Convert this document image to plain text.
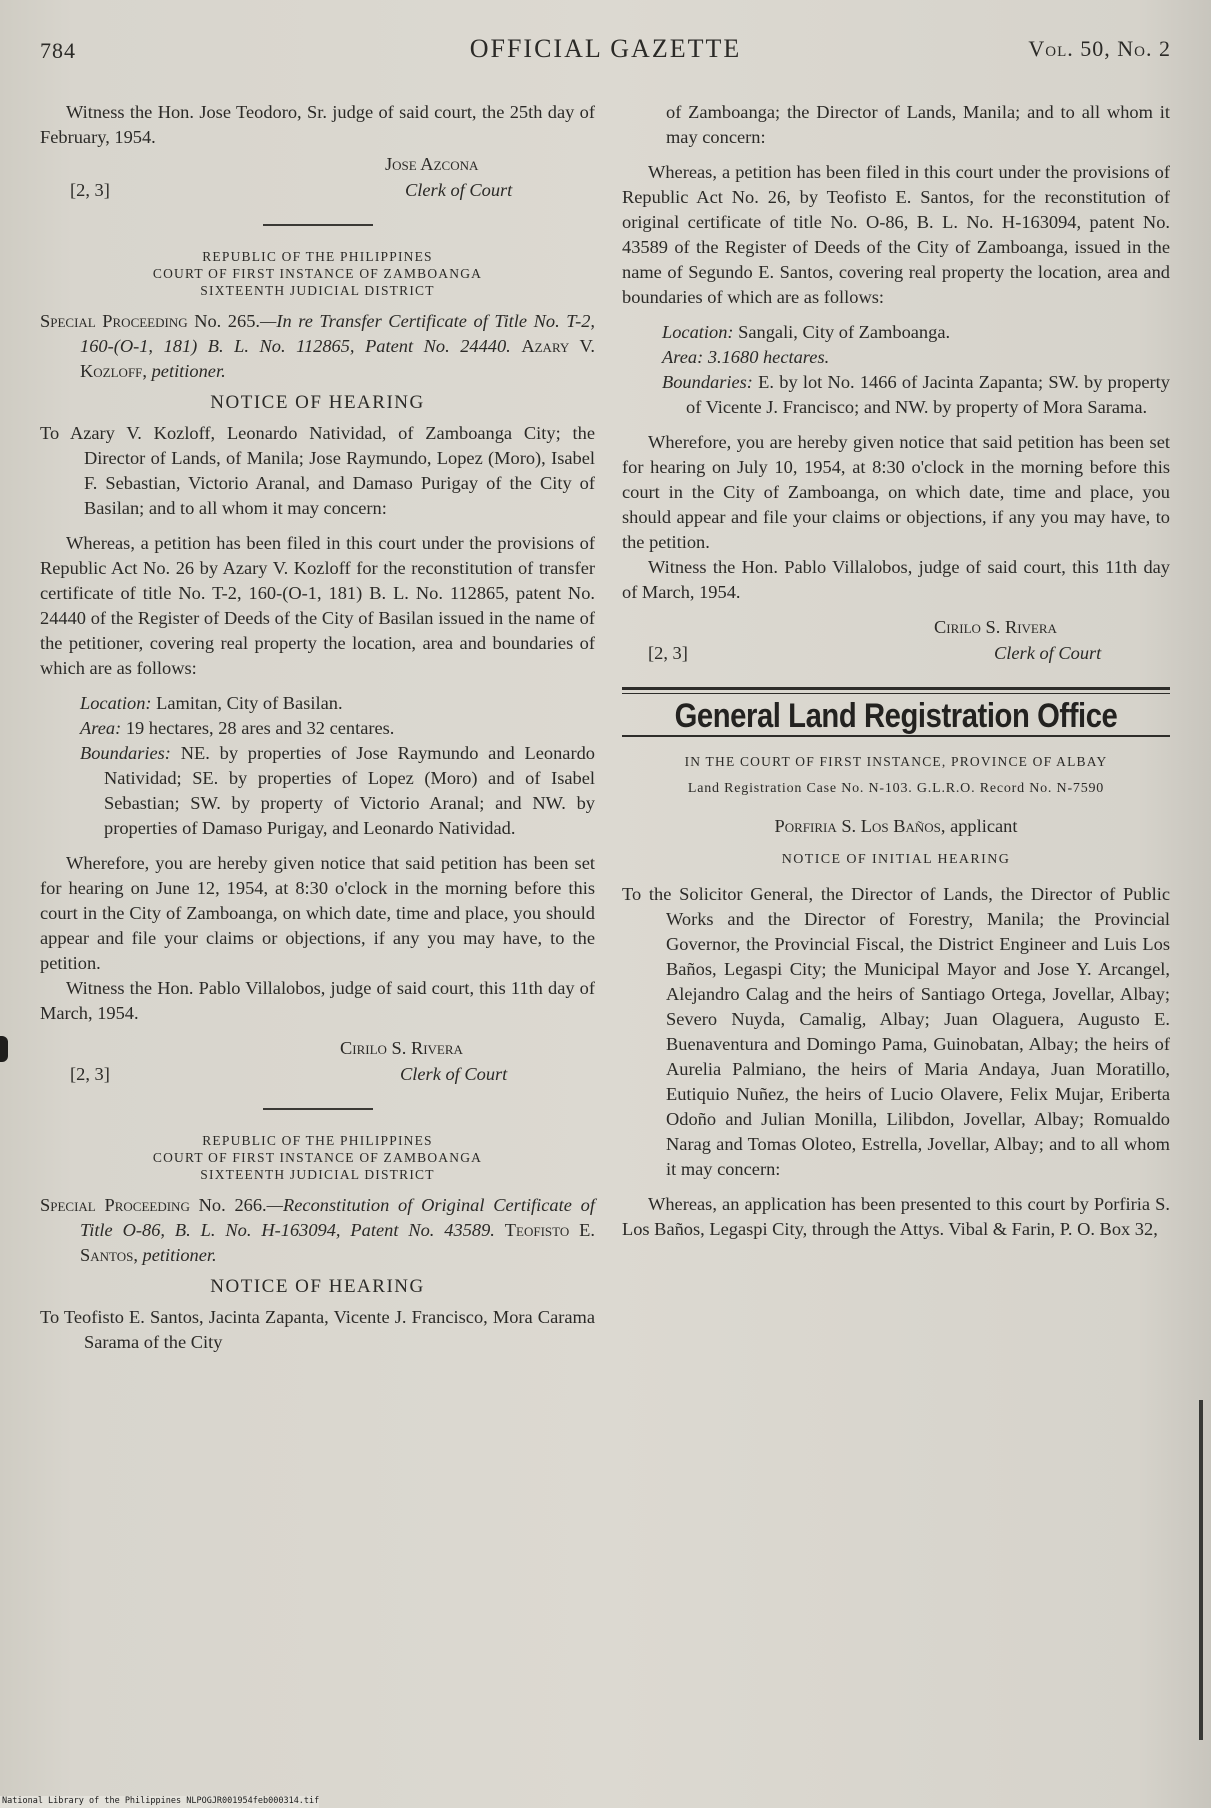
784	OFFICIAL GAZETTE	Vol. 50, No. 2

Witness the Hon. Jose Teodoro, Sr. judge of said court, the 25th day of February, 1954.

Jose Azcona
[2, 3]	Clerk of Court
REPUBLIC OF THE PHILIPPINES
COURT OF FIRST INSTANCE OF ZAMBOANGA
SIXTEENTH JUDICIAL DISTRICT

Special Proceeding No. 265.—In re Transfer Certificate of Title No. T-2, 160-(O-1, 181) B. L. No. 112865, Patent No. 24440. Azary V. Kozloff, petitioner.

NOTICE OF HEARING

To Azary V. Kozloff, Leonardo Natividad, of Zamboanga City; the Director of Lands, of Manila; Jose Raymundo, Lopez (Moro), Isabel F. Sebastian, Victorio Aranal, and Damaso Purigay of the City of Basilan; and to all whom it may concern:

Whereas, a petition has been filed in this court under the provisions of Republic Act No. 26 by Azary V. Kozloff for the reconstitution of transfer certificate of title No. T-2, 160-(O-1, 181) B. L. No. 112865, patent No. 24440 of the Register of Deeds of the City of Basilan issued in the name of the petitioner, covering real property the location, area and boundaries of which are as follows:

Location: Lamitan, City of Basilan.

Area: 19 hectares, 28 ares and 32 centares.

Boundaries: NE. by properties of Jose Raymundo and Leonardo Natividad; SE. by properties of Lopez (Moro) and of Isabel Sebastian; SW. by property of Victorio Aranal; and NW. by properties of Damaso Purigay, and Leonardo Natividad.

Wherefore, you are hereby given notice that said petition has been set for hearing on June 12, 1954, at 8:30 o'clock in the morning before this court in the City of Zamboanga, on which date, time and place, you should appear and file your claims or objections, if any you may have, to the petition.

Witness the Hon. Pablo Villalobos, judge of said court, this 11th day of March, 1954.

Cirilo S. Rivera
[2, 3]	Clerk of Court
REPUBLIC OF THE PHILIPPINES
COURT OF FIRST INSTANCE OF ZAMBOANGA
SIXTEENTH JUDICIAL DISTRICT

Special Proceeding No. 266.—Reconstitution of Original Certificate of Title O-86, B. L. No. H-163094, Patent No. 43589. Teofisto E. Santos, petitioner.

NOTICE OF HEARING

To Teofisto E. Santos, Jacinta Zapanta, Vicente J. Francisco, Mora Carama Sarama of the City

of Zamboanga; the Director of Lands, Manila; and to all whom it may concern:

Whereas, a petition has been filed in this court under the provisions of Republic Act No. 26, by Teofisto E. Santos, for the reconstitution of original certificate of title No. O-86, B. L. No. H-163094, patent No. 43589 of the Register of Deeds of the City of Zamboanga, issued in the name of Segundo E. Santos, covering real property the location, area and boundaries of which are as follows:

Location: Sangali, City of Zamboanga.

Area: 3.1680 hectares.

Boundaries: E. by lot No. 1466 of Jacinta Zapanta; SW. by property of Vicente J. Francisco; and NW. by property of Mora Sarama.

Wherefore, you are hereby given notice that said petition has been set for hearing on July 10, 1954, at 8:30 o'clock in the morning before this court in the City of Zamboanga, on which date, time and place, you should appear and file your claims or objections, if any you may have, to the petition.

Witness the Hon. Pablo Villalobos, judge of said court, this 11th day of March, 1954.

Cirilo S. Rivera
[2, 3]	Clerk of Court
General Land Registration Office
IN THE COURT OF FIRST INSTANCE, PROVINCE OF ALBAY
Land Registration Case No. N-103. G.L.R.O. Record No. N-7590

Porfiria S. Los Baños, applicant

NOTICE OF INITIAL HEARING

To the Solicitor General, the Director of Lands, the Director of Public Works and the Director of Forestry, Manila; the Provincial Governor, the Provincial Fiscal, the District Engineer and Luis Los Baños, Legaspi City; the Municipal Mayor and Jose Y. Arcangel, Alejandro Calag and the heirs of Santiago Ortega, Jovellar, Albay; Severo Nuyda, Camalig, Albay; Juan Olaguera, Augusto E. Buenaventura and Domingo Pama, Guinobatan, Albay; the heirs of Aurelia Palmiano, the heirs of Maria Andaya, Juan Moratillo, Eutiquio Nuñez, the heirs of Lucio Olavere, Felix Mujar, Eriberta Odoño and Julian Monilla, Lilibdon, Jovellar, Albay; Romualdo Narag and Tomas Oloteo, Estrella, Jovellar, Albay; and to all whom it may concern:

Whereas, an application has been presented to this court by Porfiria S. Los Baños, Legaspi City, through the Attys. Vibal & Farin, P. O. Box 32,

National Library of the Philippines NLPOGJR001954feb000314.tif
